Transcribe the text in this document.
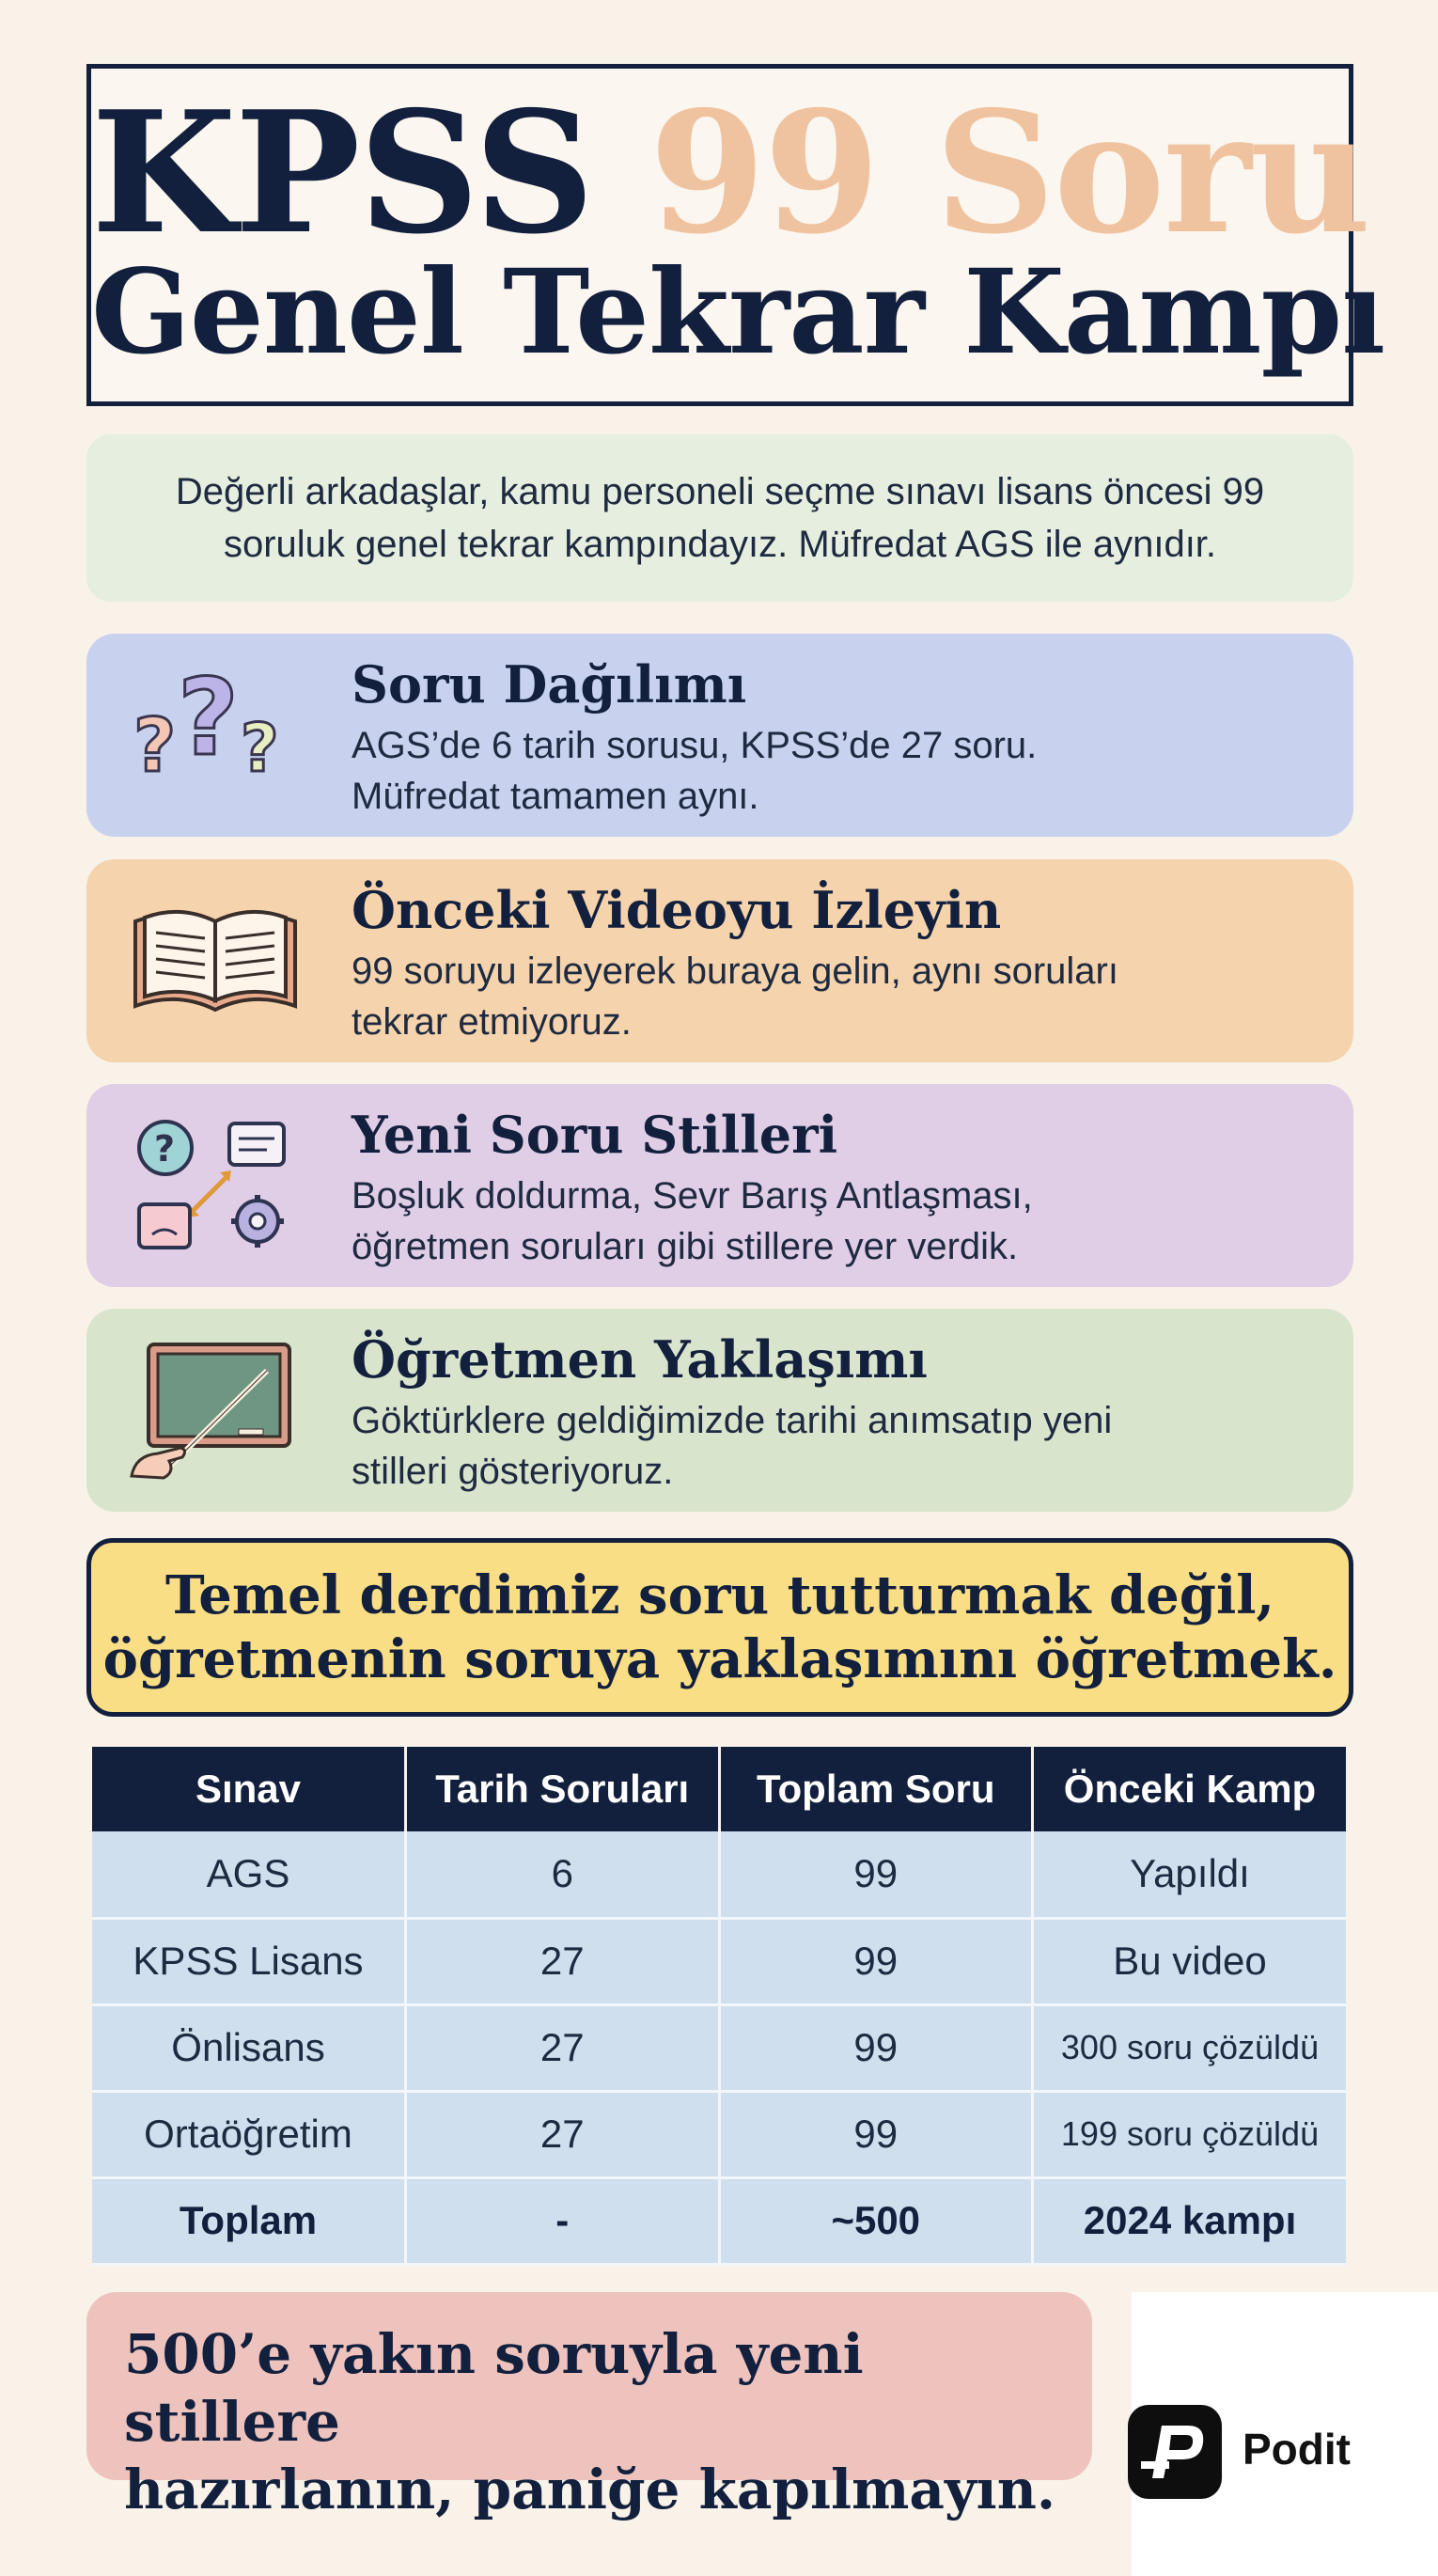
KPSS 99 Soru
Genel Tekrar Kampı
Değerli arkadaşlar, kamu personeli seçme sınavı lisans öncesi 99 soruluk genel tekrar kampındayız. Müfredat AGS ile aynıdır.
? ? ?
Soru Dağılımı
AGS’de 6 tarih sorusu, KPSS’de 27 soru.
Müfredat tamamen aynı.
Önceki Videoyu İzleyin
99 soruyu izleyerek buraya gelin, aynı soruları
tekrar etmiyoruz.
?	Yeni Soru Stilleri
Boşluk doldurma, Sevr Barış Antlaşması,
öğretmen soruları gibi stillere yer verdik.
Öğretmen Yaklaşımı
Göktürklere geldiğimizde tarihi anımsatıp yeni
stilleri gösteriyoruz.
Temel derdimiz soru tutturmak değil,
öğretmenin soruya yaklaşımını öğretmek.
Sınav	Tarih Soruları	Toplam Soru	Önceki Kamp
AGS	6	99	Yapıldı
KPSS Lisans	27	99	Bu video
Önlisans	27	99	300 soru çözüldü
Ortaöğretim	27	99	199 soru çözüldü
Toplam	-	~500	2024 kampı
500’e yakın soruyla yeni stillere
hazırlanın, paniğe kapılmayın.
Podit
